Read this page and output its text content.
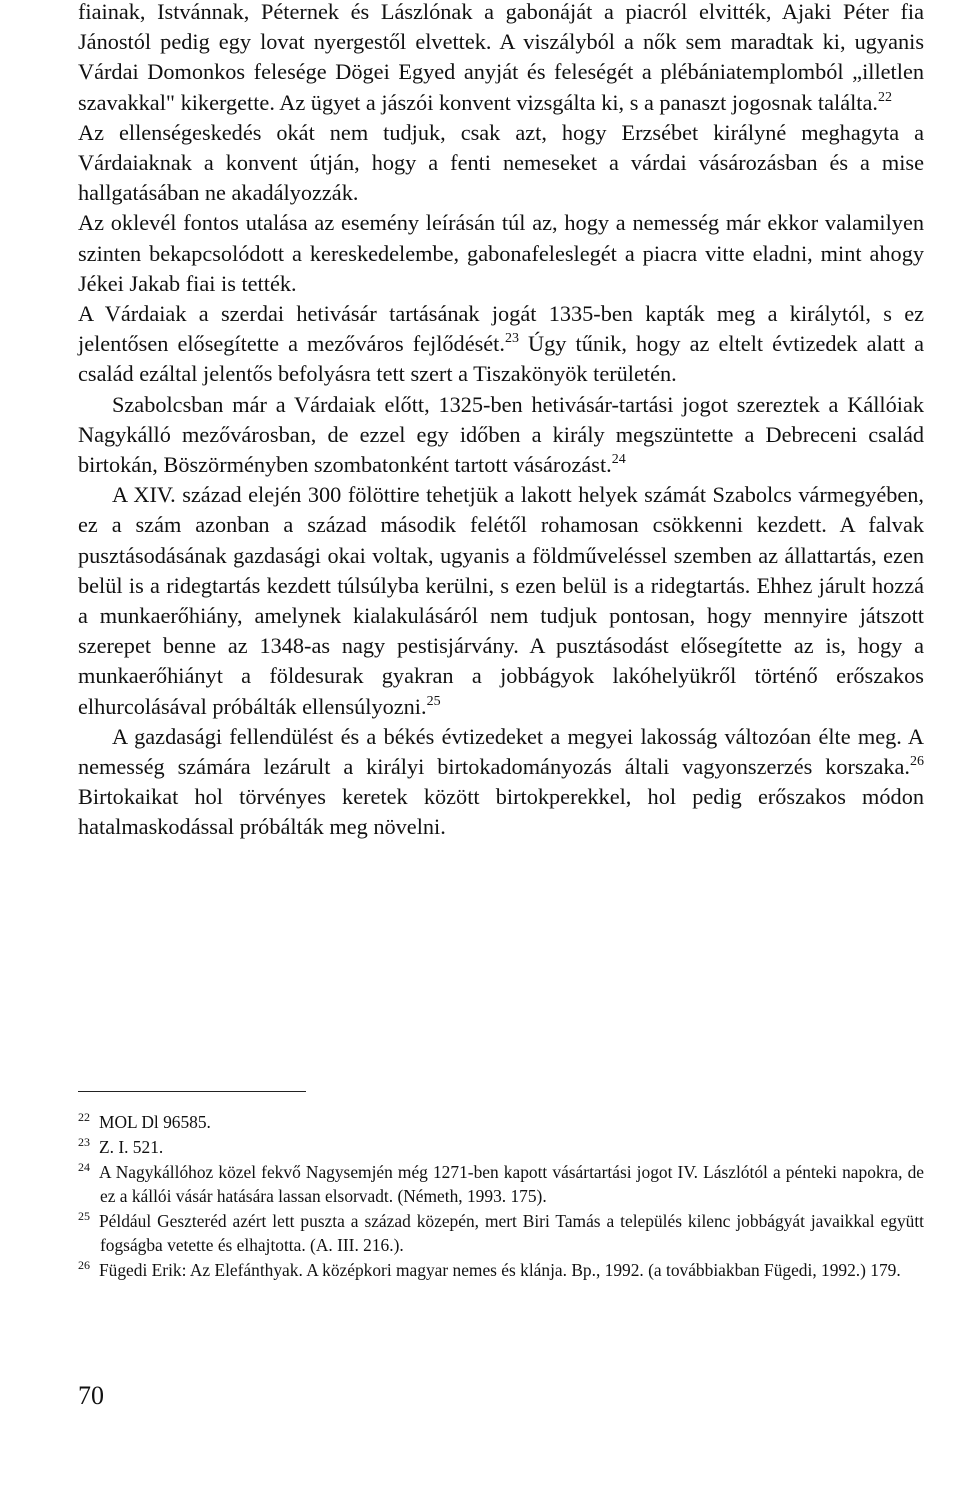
fiainak, Istvánnak, Péternek és Lászlónak a gabonáját a piacról elvitték, Ajaki Péter fia Jánostól pedig egy lovat nyergestől elvettek. A viszályból a nők sem maradtak ki, ugyanis Várdai Domonkos felesége Dögei Egyed anyját és feleségét a plébániatemplomból „illetlen szavakkal" kikergette. Az ügyet a jászói konvent vizsgálta ki, s a panaszt jogosnak találta.$^{22}$

Az ellenségeskedés okát nem tudjuk, csak azt, hogy Erzsébet királyné meghagyta a Várdaiaknak a konvent útján, hogy a fenti nemeseket a várdai vásározásban és a mise hallgatásában ne akadályozzák.

Az oklevél fontos utalása az esemény leírásán túl az, hogy a nemesség már ekkor valamilyen szinten bekapcsolódott a kereskedelembe, gabonafeleslegét a piacra vitte eladni, mint ahogy Jékei Jakab fiai is tették.

A Várdaiak a szerdai hetivásár tartásának jogát 1335-ben kapták meg a királytól, s ez jelentősen elősegítette a mezőváros fejlődését.$^{23}$ Úgy tűnik, hogy az eltelt évtizedek alatt a család ezáltal jelentős befolyásra tett szert a Tiszakönyök területén.

Szabolcsban már a Várdaiak előtt, 1325-ben hetivásár-tartási jogot szereztek a Kállóiak Nagykálló mezővárosban, de ezzel egy időben a király megszüntette a Debreceni család birtokán, Böszörményben szombatonként tartott vásározást.$^{24}$

A XIV. század elején 300 fölöttire tehetjük a lakott helyek számát Szabolcs vármegyében, ez a szám azonban a század második felétől rohamosan csökkenni kezdett. A falvak pusztásodásának gazdasági okai voltak, ugyanis a földműveléssel szemben az állattartás, ezen belül is a ridegtartás kezdett túlsúlyba kerülni, s ezen belül is a ridegtartás. Ehhez járult hozzá a munkaerőhiány, amelynek kialakulásáról nem tudjuk pontosan, hogy mennyire játszott szerepet benne az 1348-as nagy pestisjárvány. A pusztásodást elősegítette az is, hogy a munkaerőhiányt a földesurak gyakran a jobbágyok lakóhelyükről történő erőszakos elhurcolásával próbálták ellensúlyozni.$^{25}$

A gazdasági fellendülést és a békés évtizedeket a megyei lakosság változóan élte meg. A nemesség számára lezárult a királyi birtokadományozás általi vagyonszerzés korszaka.$^{26}$ Birtokaikat hol törvényes keretek között birtokperekkel, hol pedig erőszakos módon hatalmaskodással próbálták meg növelni.

$^{22}$ MOL Dl 96585.

$^{23}$ Z. I. 521.

$^{24}$ A Nagykállóhoz közel fekvő Nagysemjén még 1271-ben kapott vásártartási jogot IV. Lászlótól a pénteki napokra, de ez a kállói vásár hatására lassan elsorvadt. (Németh, 1993. 175).

$^{25}$ Például Geszteréd azért lett puszta a század közepén, mert Biri Tamás a település kilenc jobbágyát javaikkal együtt fogságba vetette és elhajtotta. (A. III. 216.).

$^{26}$ Fügedi Erik: Az Elefánthyak. A középkori magyar nemes és klánja. Bp., 1992. (a továbbiakban Fügedi, 1992.) 179.

70
